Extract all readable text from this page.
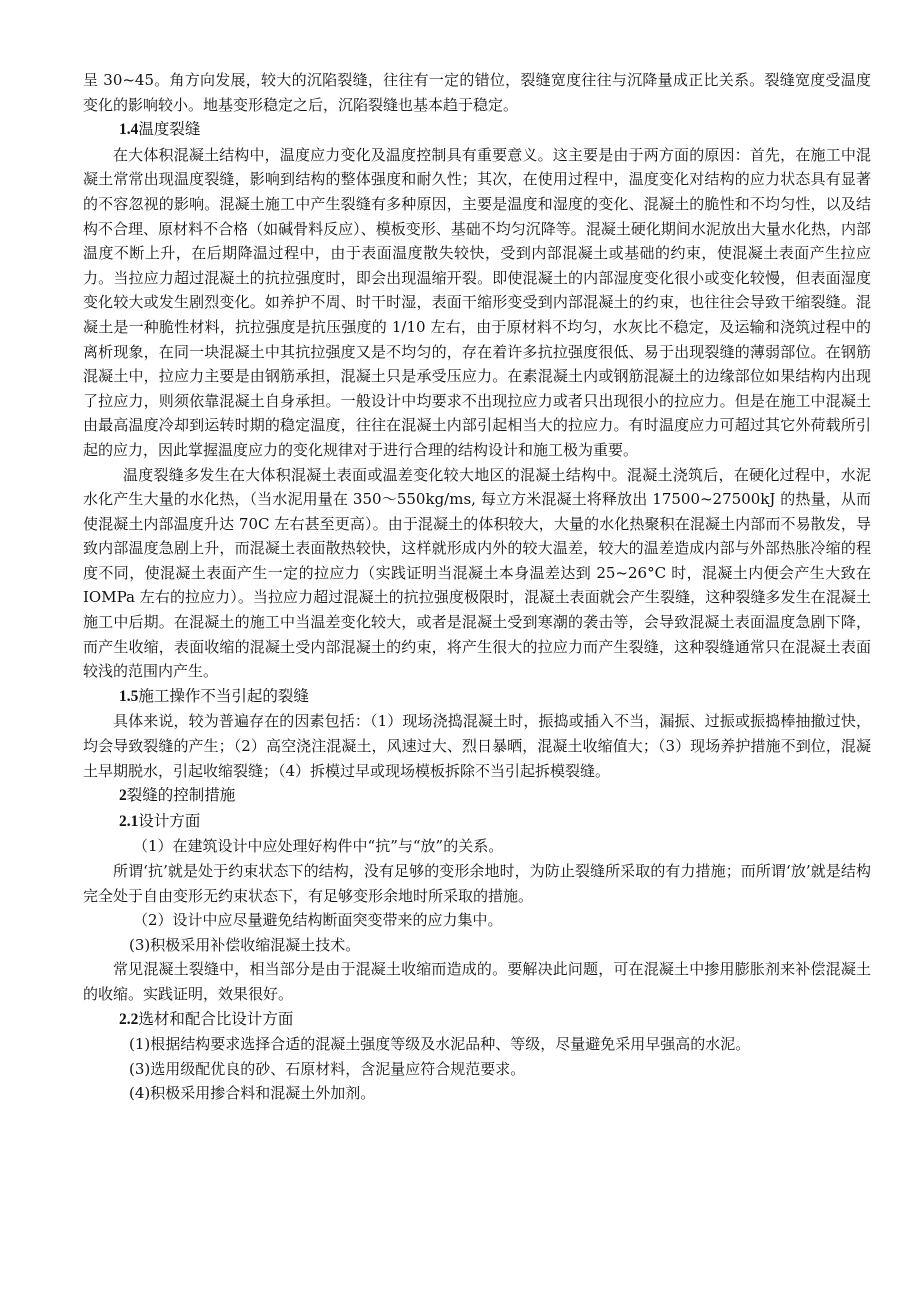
呈 30~45。角方向发展，较大的沉陷裂缝，往往有一定的错位，裂缝宽度往往与沉降量成正比关系。裂缝宽度受温度变化的影响较小。地基变形稳定之后，沉陷裂缝也基本趋于稳定。

1.4温度裂缝

在大体积混凝土结构中，温度应力变化及温度控制具有重要意义。这主要是由于两方面的原因：首先，在施工中混凝土常常出现温度裂缝，影响到结构的整体强度和耐久性；其次，在使用过程中，温度变化对结构的应力状态具有显著的不容忽视的影响。混凝土施工中产生裂缝有多种原因，主要是温度和湿度的变化、混凝土的脆性和不均匀性，以及结构不合理、原材料不合格（如碱骨料反应）、模板变形、基础不均匀沉降等。混凝土硬化期间水泥放出大量水化热，内部温度不断上升，在后期降温过程中，由于表面温度散失较快，受到内部混凝土或基础的约束，使混凝土表面产生拉应力。当拉应力超过混凝土的抗拉强度时，即会出现温缩开裂。即使混凝土的内部湿度变化很小或变化较慢，但表面湿度变化较大或发生剧烈变化。如养护不周、时干时湿，表面干缩形变受到内部混凝土的约束，也往往会导致干缩裂缝。混凝土是一种脆性材料，抗拉强度是抗压强度的 1/10 左右，由于原材料不均匀，水灰比不稳定，及运输和浇筑过程中的离析现象，在同一块混凝土中其抗拉强度又是不均匀的，存在着许多抗拉强度很低、易于出现裂缝的薄弱部位。在钢筋混凝土中，拉应力主要是由钢筋承担，混凝土只是承受压应力。在素混凝土内或钢筋混凝土的边缘部位如果结构内出现了拉应力，则须依靠混凝土自身承担。一般设计中均要求不出现拉应力或者只出现很小的拉应力。但是在施工中混凝土由最高温度冷却到运转时期的稳定温度，往往在混凝土内部引起相当大的拉应力。有时温度应力可超过其它外荷载所引起的应力，因此掌握温度应力的变化规律对于进行合理的结构设计和施工极为重要。

温度裂缝多发生在大体积混凝土表面或温差变化较大地区的混凝土结构中。混凝土浇筑后，在硬化过程中，水泥水化产生大量的水化热，（当水泥用量在 350～550kg/ms, 每立方米混凝土将释放出 17500~27500kJ 的热量，从而使混凝土内部温度升达 70C 左右甚至更高）。由于混凝土的体积较大，大量的水化热聚积在混凝土内部而不易散发，导致内部温度急剧上升，而混凝土表面散热较快，这样就形成内外的较大温差，较大的温差造成内部与外部热胀冷缩的程度不同，使混凝土表面产生一定的拉应力（实践证明当混凝土本身温差达到 25~26°C 时，混凝土内便会产生大致在 IOMPa 左右的拉应力）。当拉应力超过混凝土的抗拉强度极限时，混凝土表面就会产生裂缝，这种裂缝多发生在混凝土施工中后期。在混凝土的施工中当温差变化较大，或者是混凝土受到寒潮的袭击等，会导致混凝土表面温度急剧下降，而产生收缩，表面收缩的混凝土受内部混凝土的约束，将产生很大的拉应力而产生裂缝，这种裂缝通常只在混凝土表面较浅的范围内产生。

1.5施工操作不当引起的裂缝

具体来说，较为普遍存在的因素包括：（1）现场浇捣混凝土时，振捣或插入不当，漏振、过振或振捣棒抽撤过快，均会导致裂缝的产生；（2）高空浇注混凝土，风速过大、烈日暴晒，混凝土收缩值大；（3）现场养护措施不到位，混凝土早期脱水，引起收缩裂缝；（4）拆模过早或现场模板拆除不当引起拆模裂缝。

2裂缝的控制措施

2.1设计方面

（1）在建筑设计中应处理好构件中“抗”与“放”的关系。

所谓‘抗’就是处于约束状态下的结构，没有足够的变形余地时，为防止裂缝所采取的有力措施；而所谓‘放’就是结构完全处于自由变形无约束状态下，有足够变形余地时所采取的措施。

（2）设计中应尽量避免结构断面突变带来的应力集中。

(3)积极采用补偿收缩混凝土技术。

常见混凝土裂缝中，相当部分是由于混凝土收缩而造成的。要解决此问题，可在混凝土中掺用膨胀剂来补偿混凝土的收缩。实践证明，效果很好。

2.2选材和配合比设计方面

(1)根据结构要求选择合适的混凝土强度等级及水泥品种、等级，尽量避免采用早强高的水泥。

(3)选用级配优良的砂、石原材料，含泥量应符合规范要求。

(4)积极采用掺合料和混凝土外加剂。
